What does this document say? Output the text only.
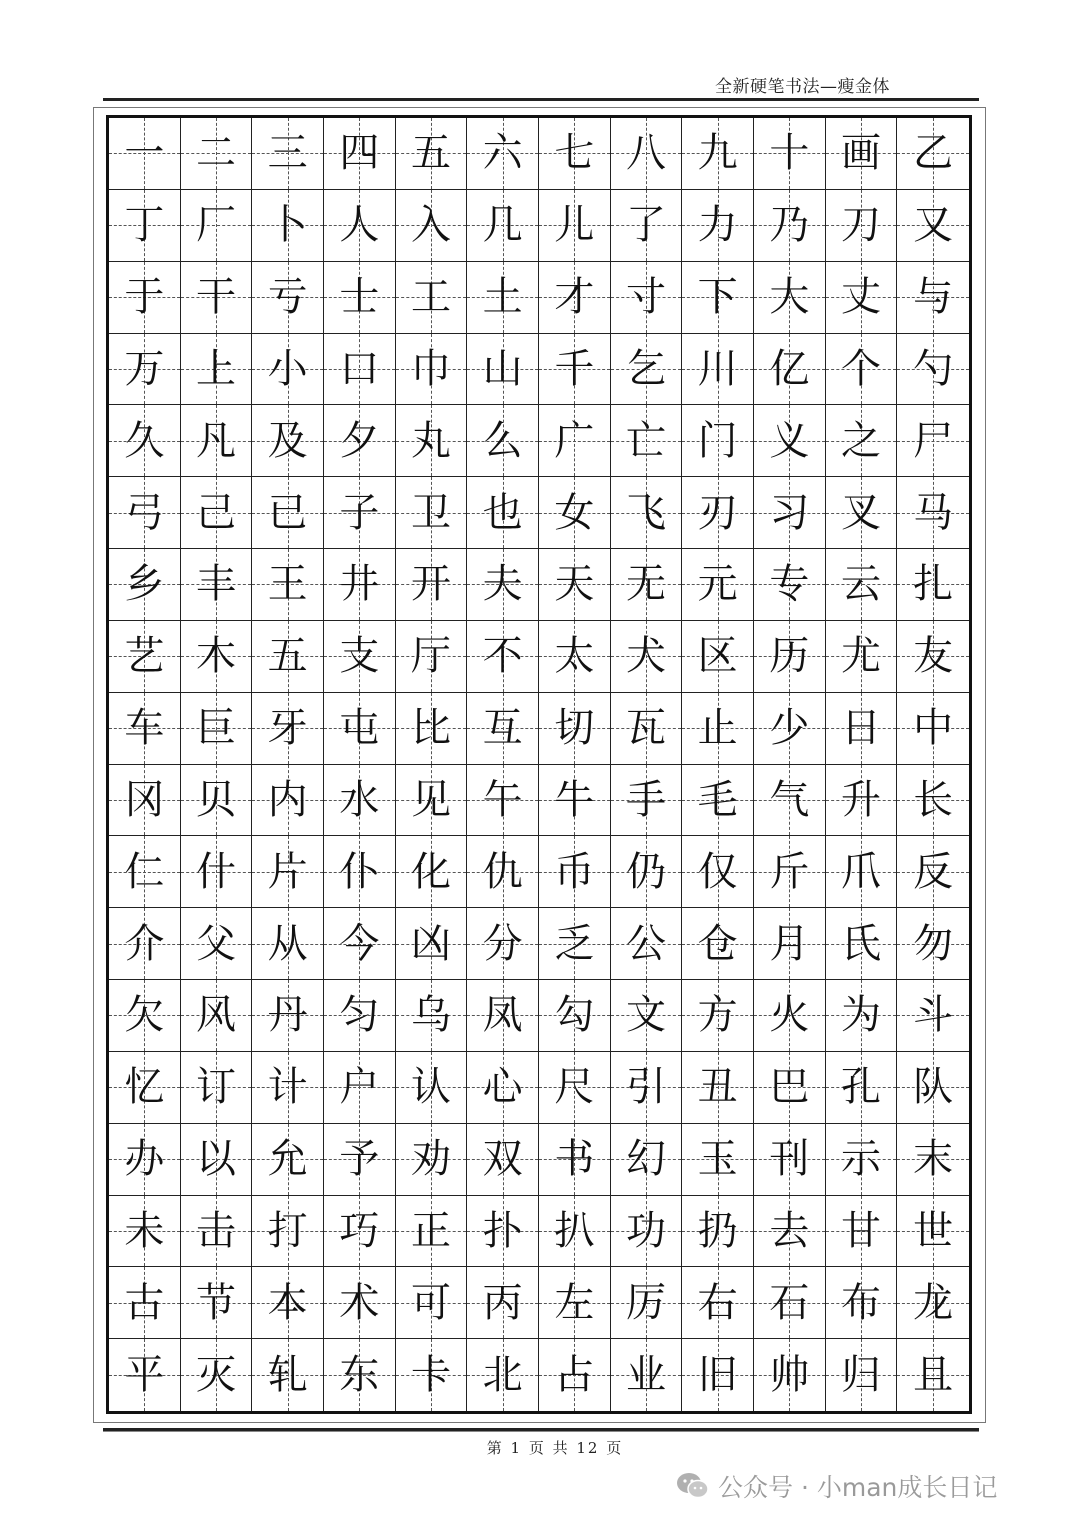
全新硬笔书法—瘦金体
一 二 三 四 五 六 七 八 九 十 画 乙
丁 厂 卜 人 入 几 儿 了 力 乃 刀 又
于 干 亏 士 工 土 才 寸 下 大 丈 与
万 上 小 口 巾 山 千 乞 川 亿 个 勺
久 凡 及 夕 丸 么 广 亡 门 义 之 尸
弓 己 已 子 卫 也 女 飞 刃 习 叉 马
乡 丰 王 井 开 夫 天 无 元 专 云 扎
艺 木 五 支 厅 不 太 犬 区 历 尤 友
车 巨 牙 屯 比 互 切 瓦 止 少 日 中
冈 贝 内 水 见 午 牛 手 毛 气 升 长
仁 什 片 仆 化 仇 币 仍 仅 斤 爪 反
介 父 从 今 凶 分 乏 公 仓 月 氏 勿
欠 风 丹 匀 乌 凤 勾 文 方 火 为 斗
忆 订 计 户 认 心 尺 引 丑 巴 孔 队
办 以 允 予 劝 双 书 幻 玉 刊 示 末
未 击 打 巧 正 扑 扒 功 扔 去 甘 世
古 节 本 术 可 丙 左 厉 右 石 布 龙
平 灭 轧 东 卡 北 占 业 旧 帅 归 且
第 1 页 共 12 页
公众号 · 小man成长日记
